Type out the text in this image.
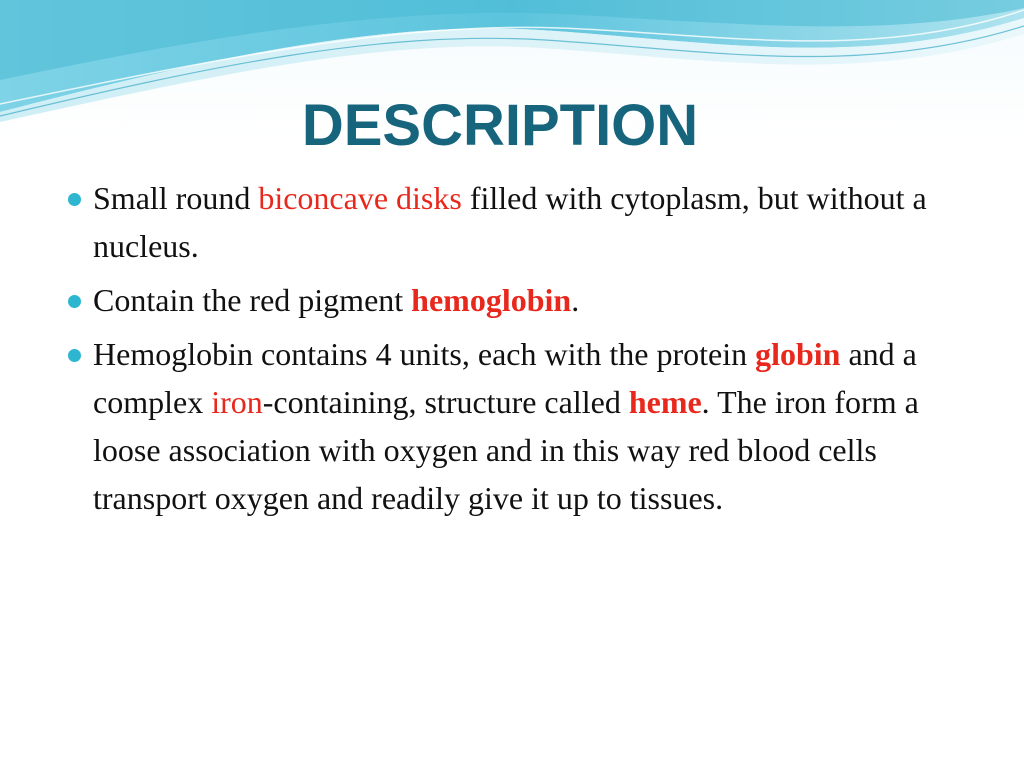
DESCRIPTION
Small round biconcave disks filled with cytoplasm, but without a nucleus.
Contain the red pigment hemoglobin.
Hemoglobin contains 4 units, each with the protein globin and a complex iron-containing, structure called heme. The iron form a loose association with oxygen and in this way red blood cells transport oxygen and readily give it up to tissues.
